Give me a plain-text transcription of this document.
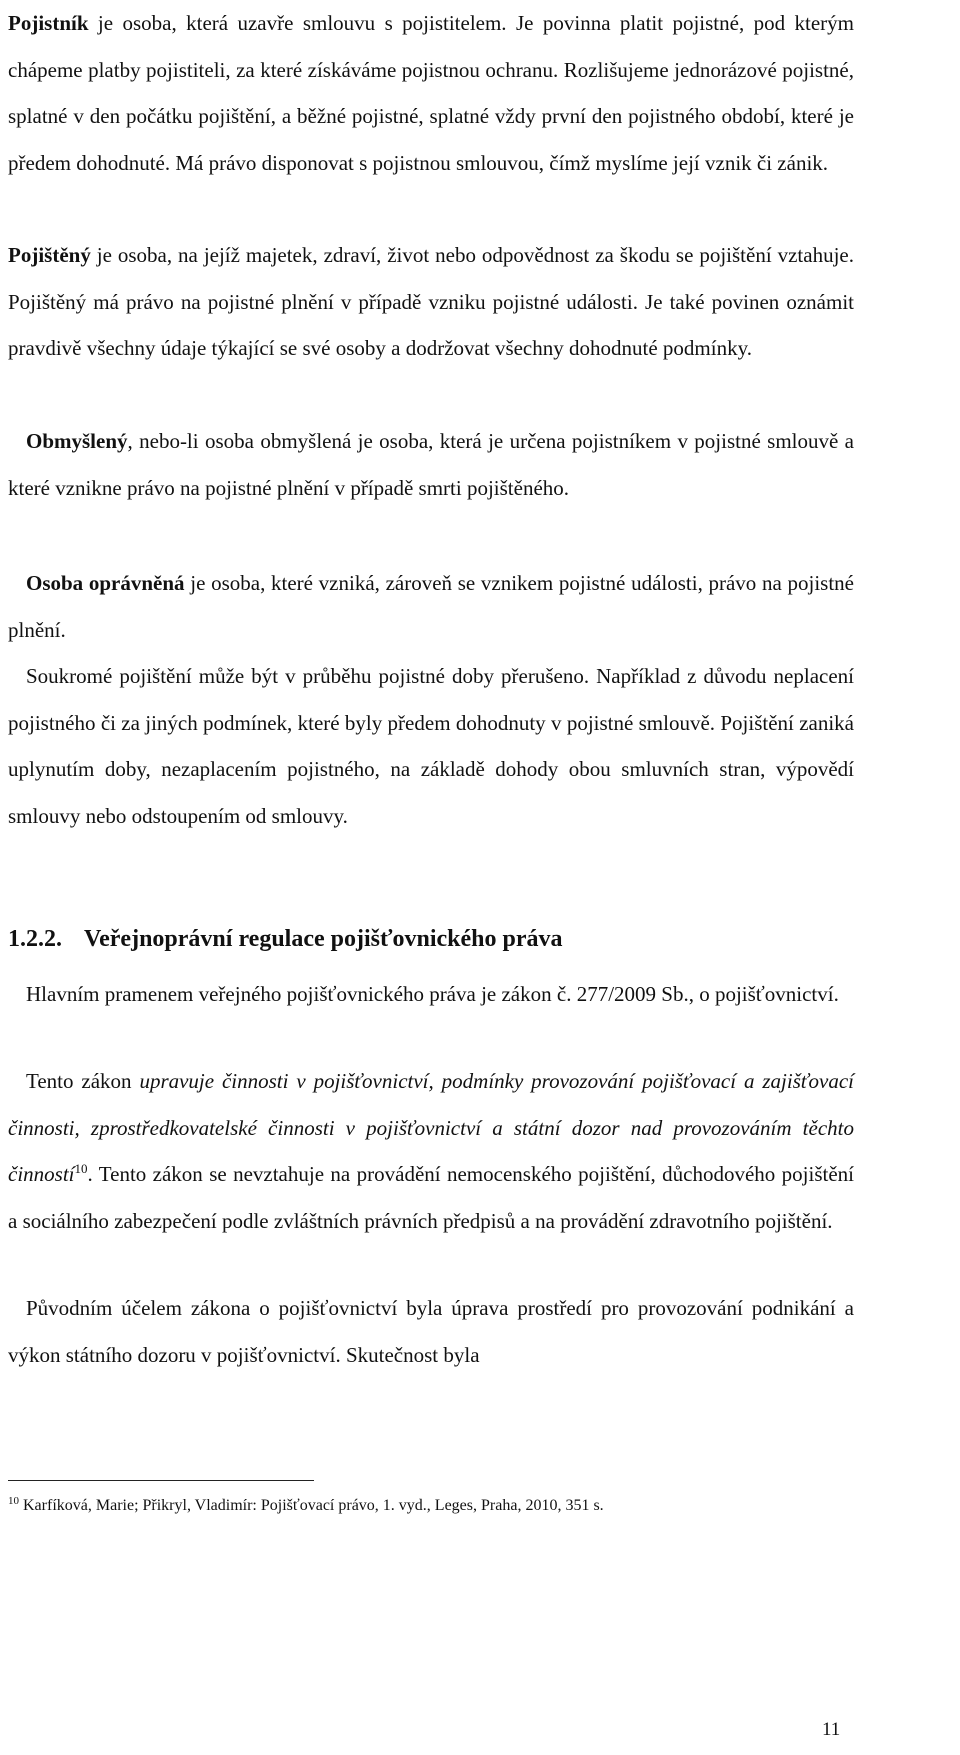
Pojistník je osoba, která uzavře smlouvu s pojistitelem. Je povinna platit pojistné, pod kterým chápeme platby pojistiteli, za které získáváme pojistnou ochranu. Rozlišujeme jednorázové pojistné, splatné v den počátku pojištění, a běžné pojistné, splatné vždy první den pojistného období, které je předem dohodnuté. Má právo disponovat s pojistnou smlouvou, čímž myslíme její vznik či zánik.

Pojištěný je osoba, na jejíž majetek, zdraví, život nebo odpovědnost za škodu se pojištění vztahuje. Pojištěný má právo na pojistné plnění v případě vzniku pojistné události. Je také povinen oznámit pravdivě všechny údaje týkající se své osoby a dodržovat všechny dohodnuté podmínky.

Obmyšlený, nebo-li osoba obmyšlená je osoba, která je určena pojistníkem v pojistné smlouvě a které vznikne právo na pojistné plnění v případě smrti pojištěného.

Osoba oprávněná je osoba, které vzniká, zároveň se vznikem pojistné události, právo na pojistné plnění.

Soukromé pojištění může být v průběhu pojistné doby přerušeno. Například z důvodu neplacení pojistného či za jiných podmínek, které byly předem dohodnuty v pojistné smlouvě. Pojištění zaniká uplynutím doby, nezaplacením pojistného, na základě dohody obou smluvních stran, výpovědí smlouvy nebo odstoupením od smlouvy.

1.2.2. Veřejnoprávní regulace pojišťovnického práva

Hlavním pramenem veřejného pojišťovnického práva je zákon č. 277/2009 Sb., o pojišťovnictví.

Tento zákon upravuje činnosti v pojišťovnictví, podmínky provozování pojišťovací a zajišťovací činnosti, zprostředkovatelské činnosti v pojišťovnictví a státní dozor nad provozováním těchto činností$^{10}$. Tento zákon se nevztahuje na provádění nemocenského pojištění, důchodového pojištění a sociálního zabezpečení podle zvláštních právních předpisů a na provádění zdravotního pojištění.

Původním účelem zákona o pojišťovnictví byla úprava prostředí pro provozování podnikání a výkon státního dozoru v pojišťovnictví. Skutečnost byla

$^{10}$ Karfíková, Marie; Přikryl, Vladimír: Pojišťovací právo, 1. vyd., Leges, Praha, 2010, 351 s.
11
